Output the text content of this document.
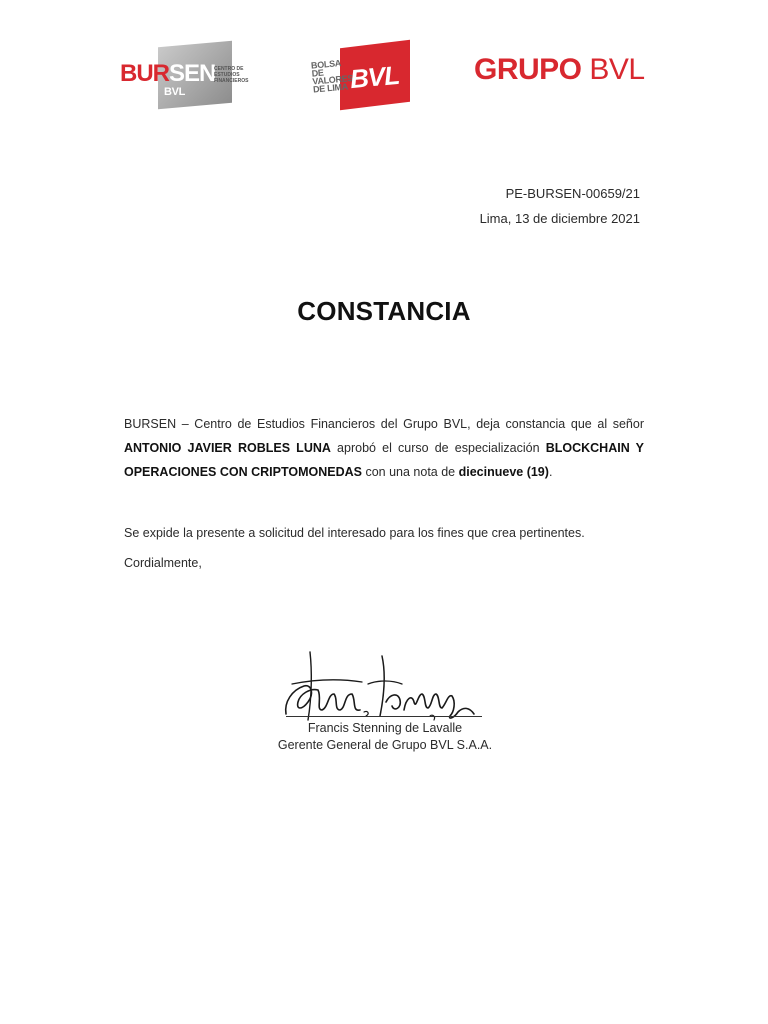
BURSEN
BVL
CENTRO DE ESTUDIOS FINANCIEROS
BOLSA DE VALORES DE LIMA BVL GRUPO BVL
PE-BURSEN-00659/21
Lima, 13 de diciembre 2021
CONSTANCIA
BURSEN – Centro de Estudios Financieros del Grupo BVL, deja constancia que al señor ANTONIO JAVIER ROBLES LUNA aprobó el curso de especialización BLOCKCHAIN Y OPERACIONES CON CRIPTOMONEDAS con una nota de diecinueve (19).
Se expide la presente a solicitud del interesado para los fines que crea pertinentes.
Cordialmente,
Francis Stenning de Lavalle
Gerente General de Grupo BVL S.A.A.
